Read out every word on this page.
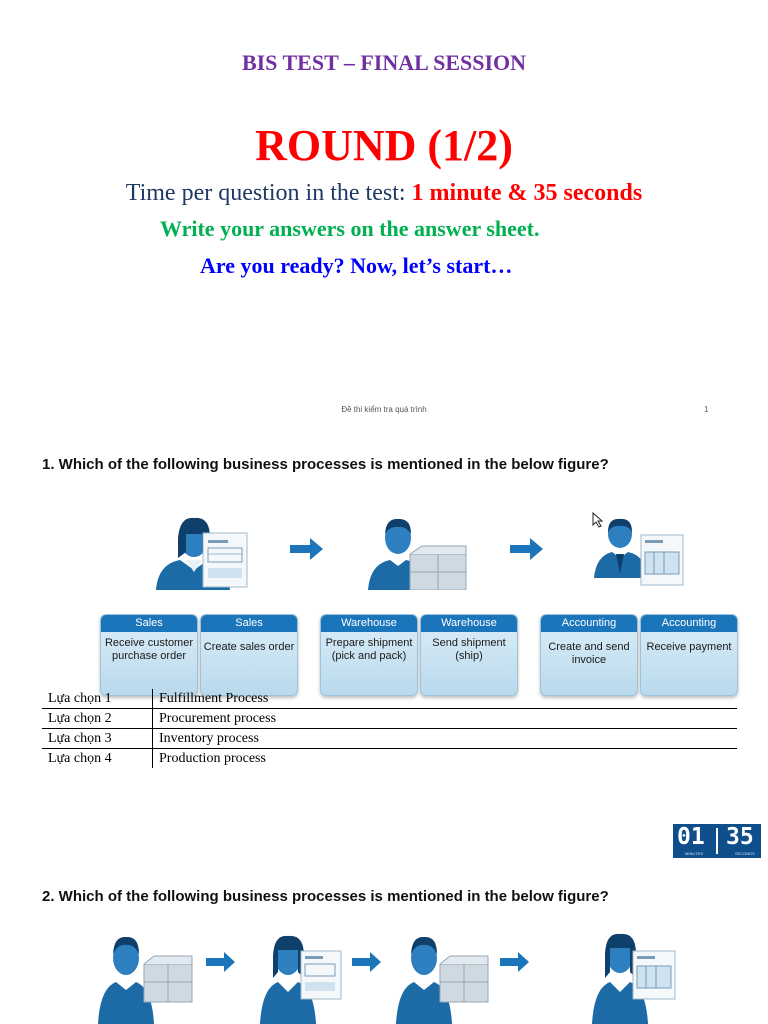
BIS TEST – FINAL SESSION
ROUND (1/2)
Time per question in the test: 1 minute & 35 seconds
Write your answers on the answer sheet.
Are you ready? Now, let’s start…
Đề thi kiểm tra quá trình	1
1. Which of the following business processes is mentioned in the below figure?
Sales
Receive customer purchase order
Sales
Create sales order
Warehouse
Prepare shipment (pick and pack)
Warehouse
Send shipment (ship)
Accounting
Create and send invoice
Accounting
Receive payment
Lựa chọn 1	Fulfillment Process
Lựa chọn 2	Procurement process
Lựa chọn 3	Inventory process
Lựa chọn 4	Production process
01
MINUTES
35
SECONDS
2. Which of the following business processes is mentioned in the below figure?
